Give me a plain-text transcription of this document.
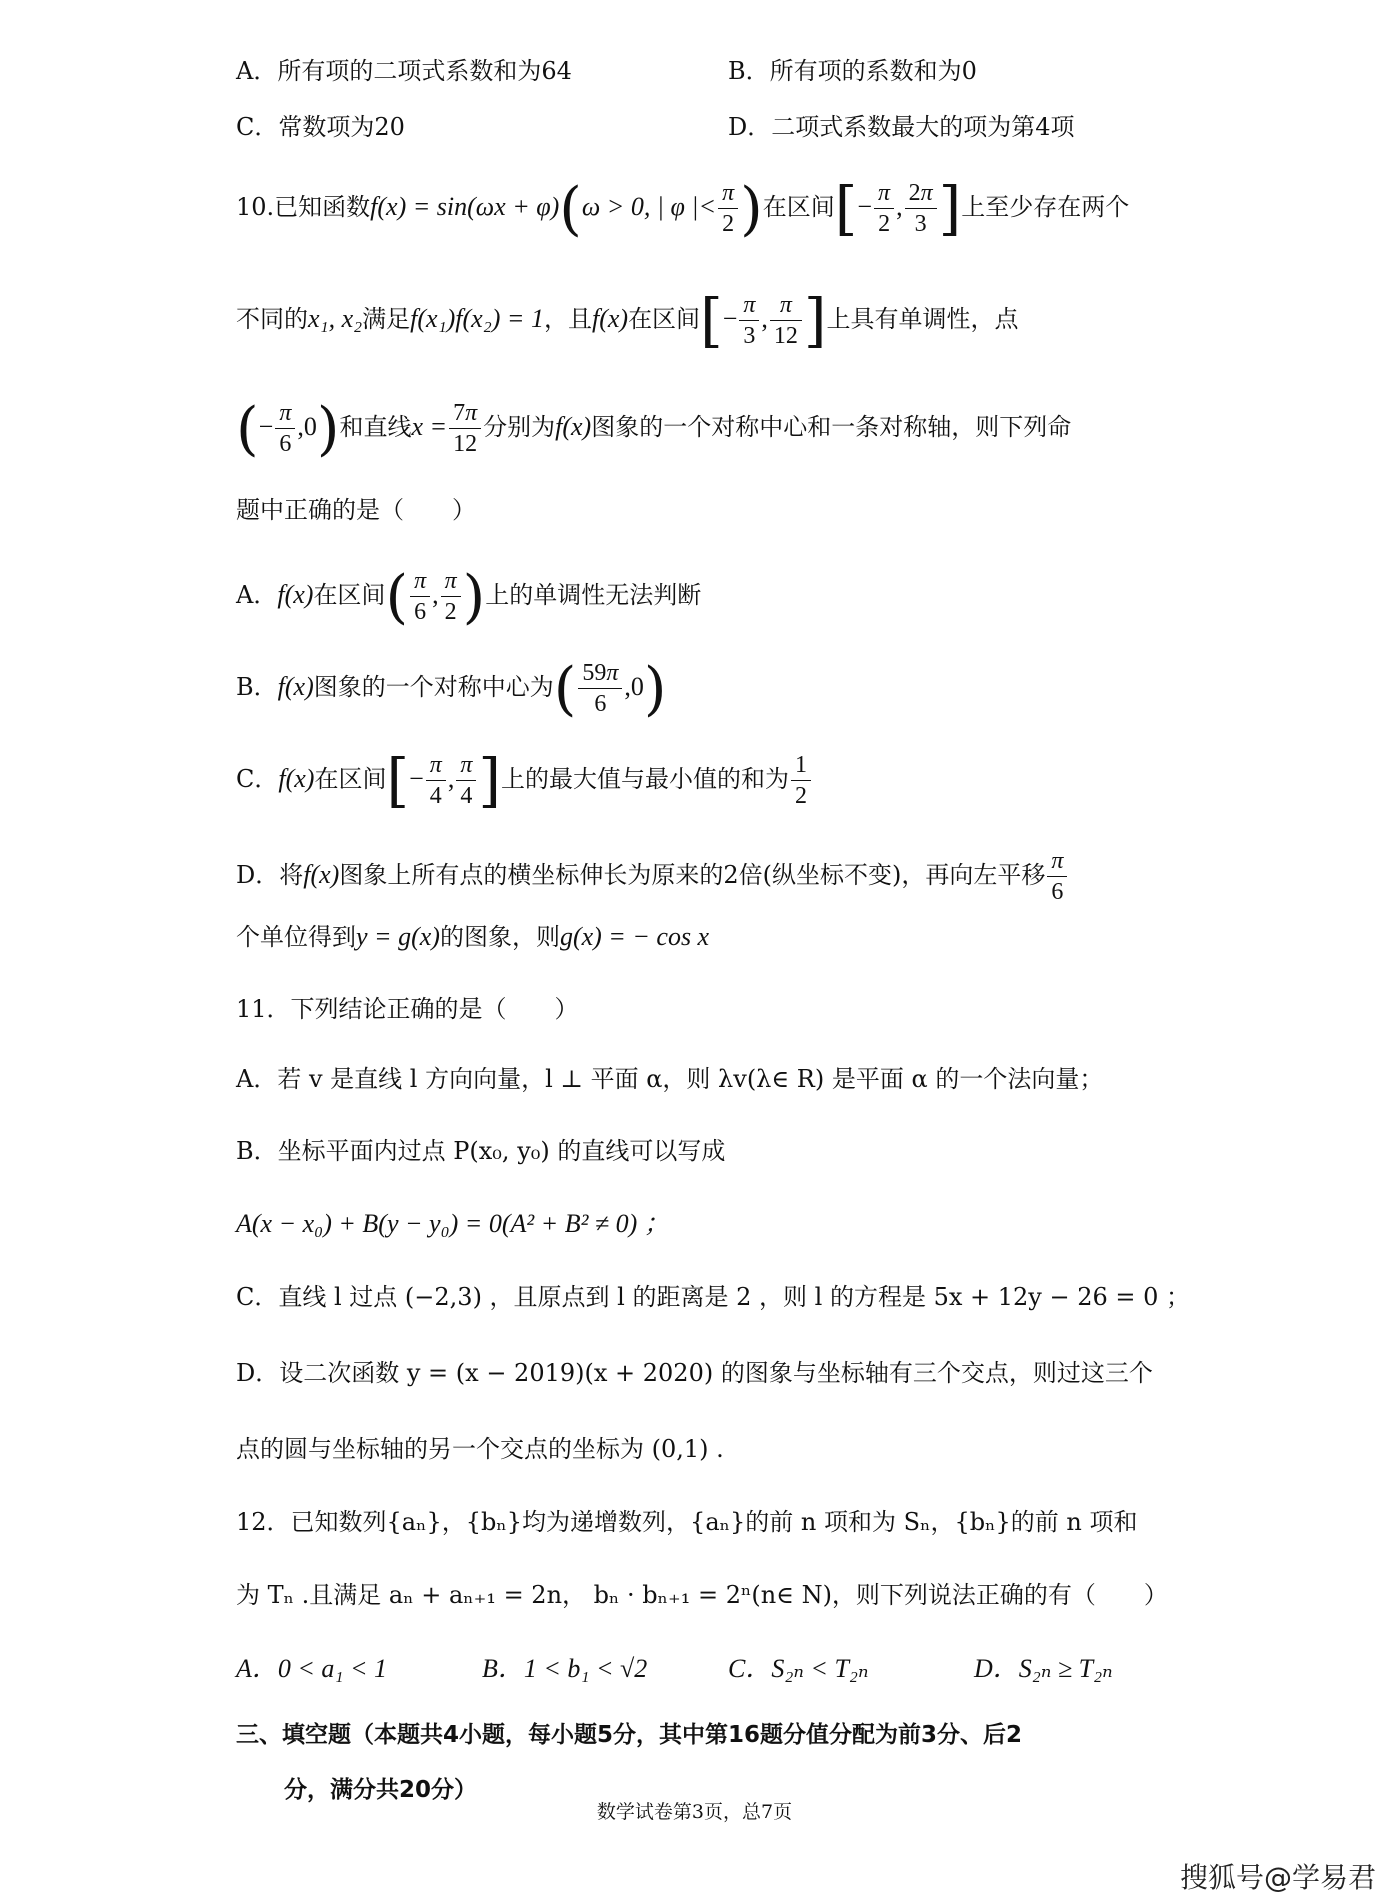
A．所有项的二项式系数和为64	B．所有项的系数和为0
C．常数项为20	D．二项式系数最大的项为第4项
10.已知函数f(x) = sin(ωx + φ)(ω > 0, | φ |< $\frac{\pi}{2}$ )在区间[− $\frac{\pi}{2}$ , $\frac{2\pi}{3}$ ]上至少存在两个
不同的x₁, x₂满足f(x₁)f(x₂) = 1，且f(x)在区间[− $\frac{\pi}{3}$ , $\frac{\pi}{12}$ ]上具有单调性，点
(− $\frac{\pi}{6} ,0$)和直线$x = \frac{7\pi}{12}$ 分别为f(x)图象的一个对称中心和一条对称轴，则下列命
题中正确的是（　　）
A．f(x)在区间( $\frac{\pi}{6}$ , $\frac{\pi}{2}$ )上的单调性无法判断
B．f(x)图象的一个对称中心为( $\frac{59\pi}{6} ,0$)
C．f(x)在区间[− $\frac{\pi}{4}$ , $\frac{\pi}{4}$ ]上的最大值与最小值的和为 $\frac{1}{2}$
D．将f(x)图象上所有点的横坐标伸长为原来的2倍(纵坐标不变)，再向左平移 $\frac{\pi}{6}$
个单位得到y = g(x)的图象，则g(x) = − cos x
11．下列结论正确的是（　　）
A．若 v 是直线 l 方向向量，l ⊥ 平面 α，则 λv(λ∈ R) 是平面 α 的一个法向量；
B．坐标平面内过点 P(x₀, y₀) 的直线可以写成
A(x − x₀) + B(y − y₀) = 0(A² + B² ≠ 0) ；
C．直线 l 过点 (−2,3) ，且原点到 l 的距离是 2 ，则 l 的方程是 5x + 12y − 26 = 0 ；
D．设二次函数 y = (x − 2019)(x + 2020) 的图象与坐标轴有三个交点，则过这三个
点的圆与坐标轴的另一个交点的坐标为 (0,1) .
12．已知数列{aₙ}，{bₙ}均为递增数列，{aₙ}的前 n 项和为 Sₙ，{bₙ}的前 n 项和
为 Tₙ .且满足 aₙ + aₙ₊₁ = 2n， bₙ · bₙ₊₁ = 2ⁿ(n∈ N)，则下列说法正确的有（　　）
A．0 < a₁ < 1	B．1 < b₁ < √2	C．S₂ₙ < T₂ₙ	D．S₂ₙ ≥ T₂ₙ
三、填空题（本题共4小题，每小题5分，其中第16题分值分配为前3分、后2
分，满分共20分）
数学试卷第3页，总7页
搜狐号@学易君
